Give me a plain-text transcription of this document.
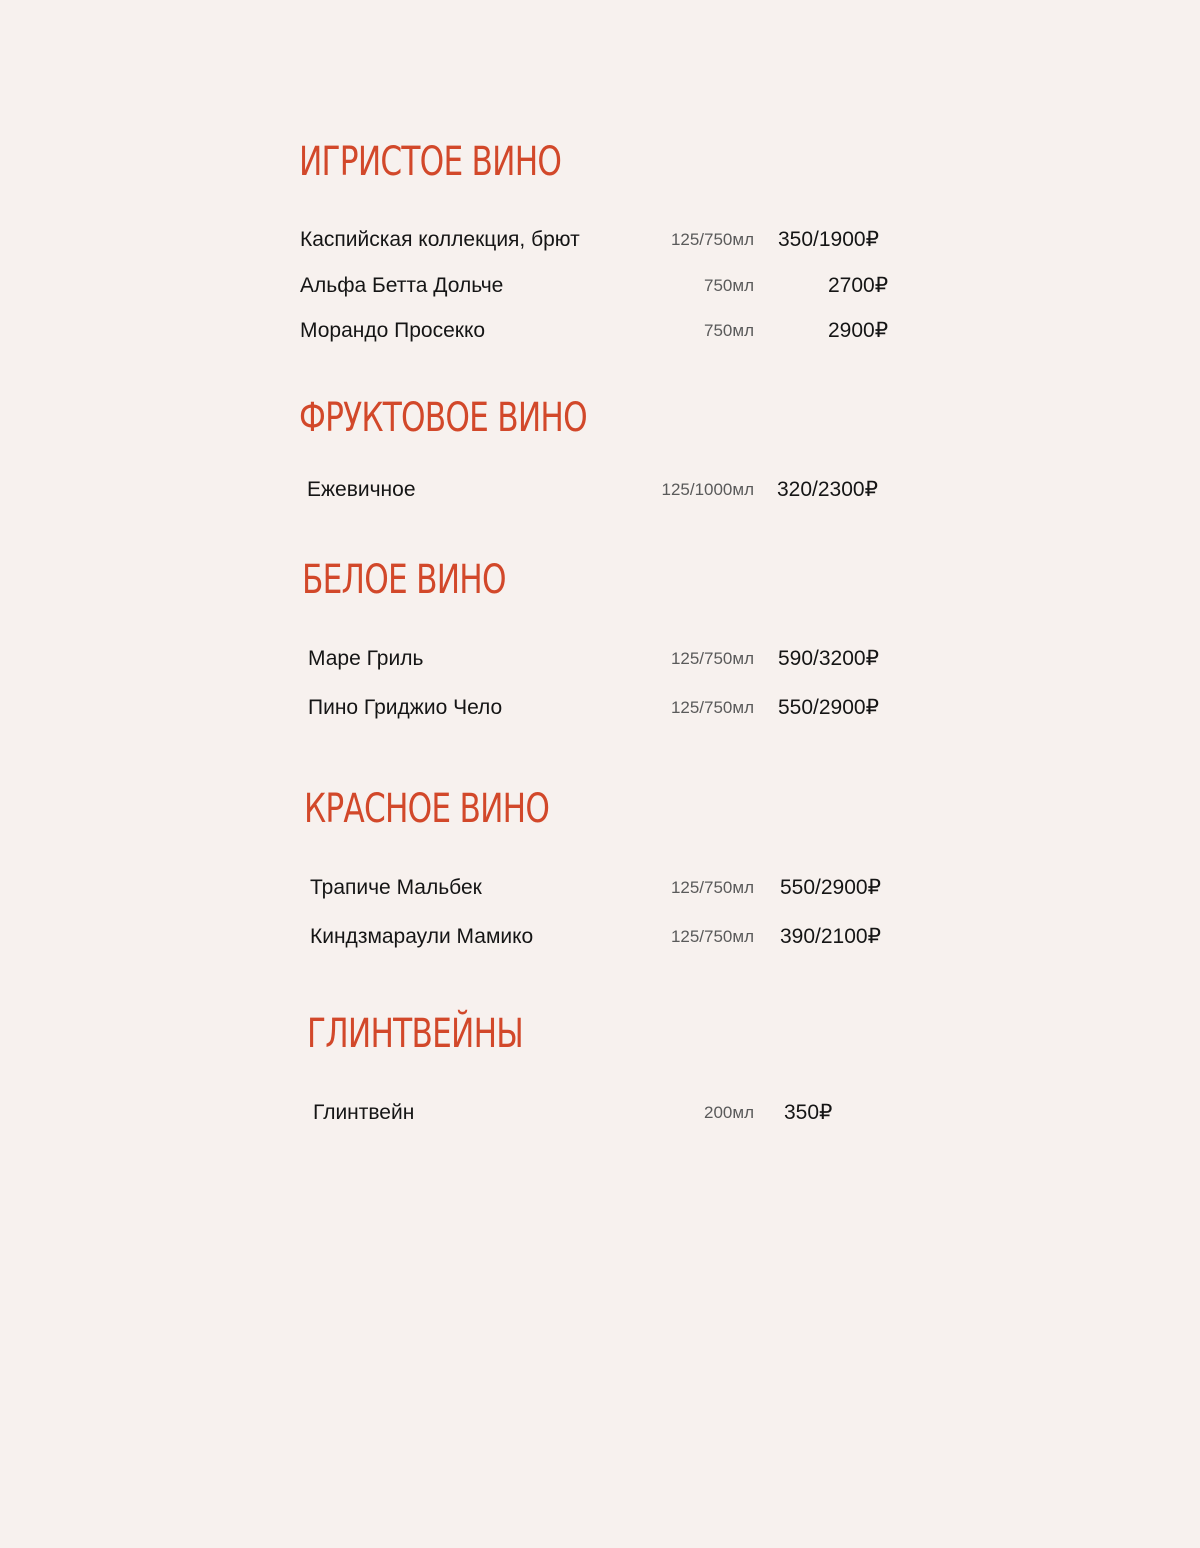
ИГРИСТОЕ ВИНО
Каспийская коллекция, брют	125/750мл 350/1900₽
Альфа Бетта Дольче	750мл	2700₽
Морандо Просекко	750мл	2900₽
ФРУКТОВОЕ ВИНО
Ежевичное	125/1000мл 320/2300₽
БЕЛОЕ ВИНО
Маре Гриль	125/750мл 590/3200₽
Пино Гриджио Чело	125/750мл 550/2900₽
КРАСНОЕ ВИНО
Трапиче Мальбек	125/750мл 550/2900₽
Киндзмараули Мамико	125/750мл 390/2100₽
ГЛИНТВЕЙНЫ
Глинтвейн	200мл 350₽
